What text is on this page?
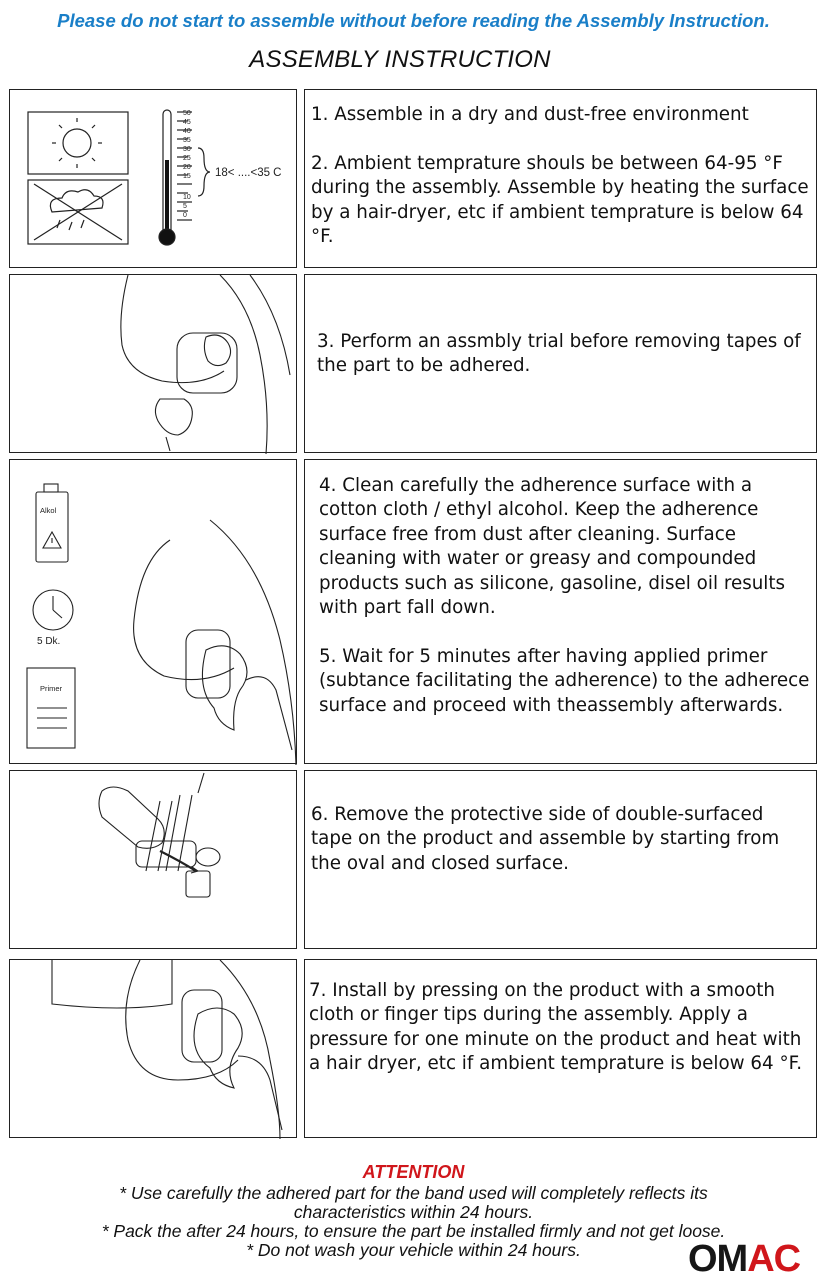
Please do not start to assemble without before reading the Assembly Instruction.
ASSEMBLY INSTRUCTION
50
45
40
35
30
25
20
15
10
5
0
18< ....<35 C

1. Assemble in a dry and dust-free environment

2. Ambient temprature shouls be between 64-95 °F during the assembly. Assemble by heating the surface by a hair-dryer, etc if ambient temprature is below 64 °F.

3. Perform an assmbly trial before removing tapes of the part to be adhered.

Alkol
5 Dk.
Primer

4. Clean carefully the adherence surface with a cotton cloth / ethyl alcohol. Keep the adherence surface free from dust after cleaning. Surface cleaning with water or greasy and compounded products such as silicone, gasoline, disel oil results with part fall down.

5. Wait for 5 minutes after having applied primer (subtance facilitating the adherence) to the adherece surface and proceed with theassembly afterwards.

6. Remove the protective side of double-surfaced tape on the product and assemble by starting from the oval and closed surface.

7. Install by pressing on the product with a smooth cloth or finger tips during the assembly. Apply a pressure for one minute on the product and heat with a hair dryer, etc if ambient temprature is below 64 °F.

ATTENTION
* Use carefully the adhered part for the band used will completely reflects its
characteristics within 24 hours.
* Pack the after 24 hours, to ensure the part be installed firmly and not get loose.
* Do not wash your vehicle within 24 hours.	OMAC
